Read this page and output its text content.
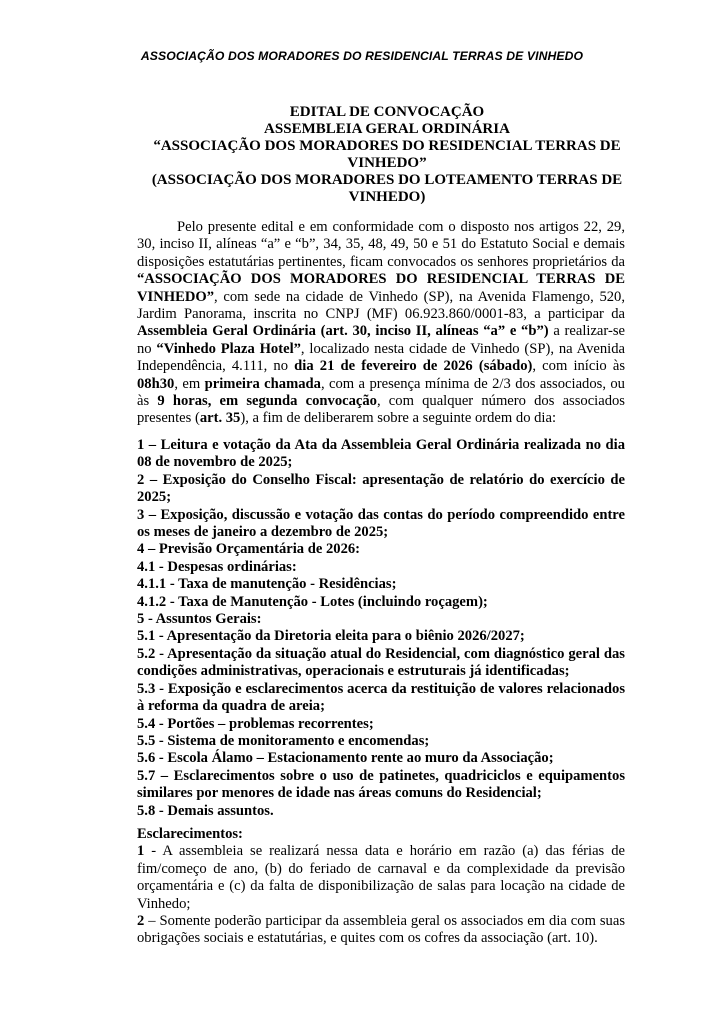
ASSOCIAÇÃO DOS MORADORES DO RESIDENCIAL TERRAS DE VINHEDO
EDITAL DE CONVOCAÇÃO
ASSEMBLEIA GERAL ORDINÁRIA
“ASSOCIAÇÃO DOS MORADORES DO RESIDENCIAL TERRAS DE VINHEDO”
(ASSOCIAÇÃO DOS MORADORES DO LOTEAMENTO TERRAS DE VINHEDO)
Pelo presente edital e em conformidade com o disposto nos artigos 22, 29, 30, inciso II, alíneas “a” e “b”, 34, 35, 48, 49, 50 e 51 do Estatuto Social e demais disposições estatutárias pertinentes, ficam convocados os senhores proprietários da “ASSOCIAÇÃO DOS MORADORES DO RESIDENCIAL TERRAS DE VINHEDO”, com sede na cidade de Vinhedo (SP), na Avenida Flamengo, 520, Jardim Panorama, inscrita no CNPJ (MF) 06.923.860/0001-83, a participar da Assembleia Geral Ordinária (art. 30, inciso II, alíneas “a” e “b”) a realizar-se no “Vinhedo Plaza Hotel”, localizado nesta cidade de Vinhedo (SP), na Avenida Independência, 4.111, no dia 21 de fevereiro de 2026 (sábado), com início às 08h30, em primeira chamada, com a presença mínima de 2/3 dos associados, ou às 9 horas, em segunda convocação, com qualquer número dos associados presentes (art. 35), a fim de deliberarem sobre a seguinte ordem do dia:
1 – Leitura e votação da Ata da Assembleia Geral Ordinária realizada no dia 08 de novembro de 2025;
2 – Exposição do Conselho Fiscal: apresentação de relatório do exercício de 2025;
3 – Exposição, discussão e votação das contas do período compreendido entre os meses de janeiro a dezembro de 2025;
4 – Previsão Orçamentária de 2026:
4.1 - Despesas ordinárias:
4.1.1 - Taxa de manutenção - Residências;
4.1.2 - Taxa de Manutenção - Lotes (incluindo roçagem);
5 - Assuntos Gerais:
5.1 - Apresentação da Diretoria eleita para o biênio 2026/2027;
5.2 - Apresentação da situação atual do Residencial, com diagnóstico geral das condições administrativas, operacionais e estruturais já identificadas;
5.3 - Exposição e esclarecimentos acerca da restituição de valores relacionados à reforma da quadra de areia;
5.4 - Portões – problemas recorrentes;
5.5 - Sistema de monitoramento e encomendas;
5.6 - Escola Álamo – Estacionamento rente ao muro da Associação;
5.7 – Esclarecimentos sobre o uso de patinetes, quadriciclos e equipamentos similares por menores de idade nas áreas comuns do Residencial;
5.8 - Demais assuntos.
Esclarecimentos:
1 - A assembleia se realizará nessa data e horário em razão (a) das férias de fim/começo de ano, (b) do feriado de carnaval e da complexidade da previsão orçamentária e (c) da falta de disponibilização de salas para locação na cidade de Vinhedo;
2 – Somente poderão participar da assembleia geral os associados em dia com suas obrigações sociais e estatutárias, e quites com os cofres da associação (art. 10).
